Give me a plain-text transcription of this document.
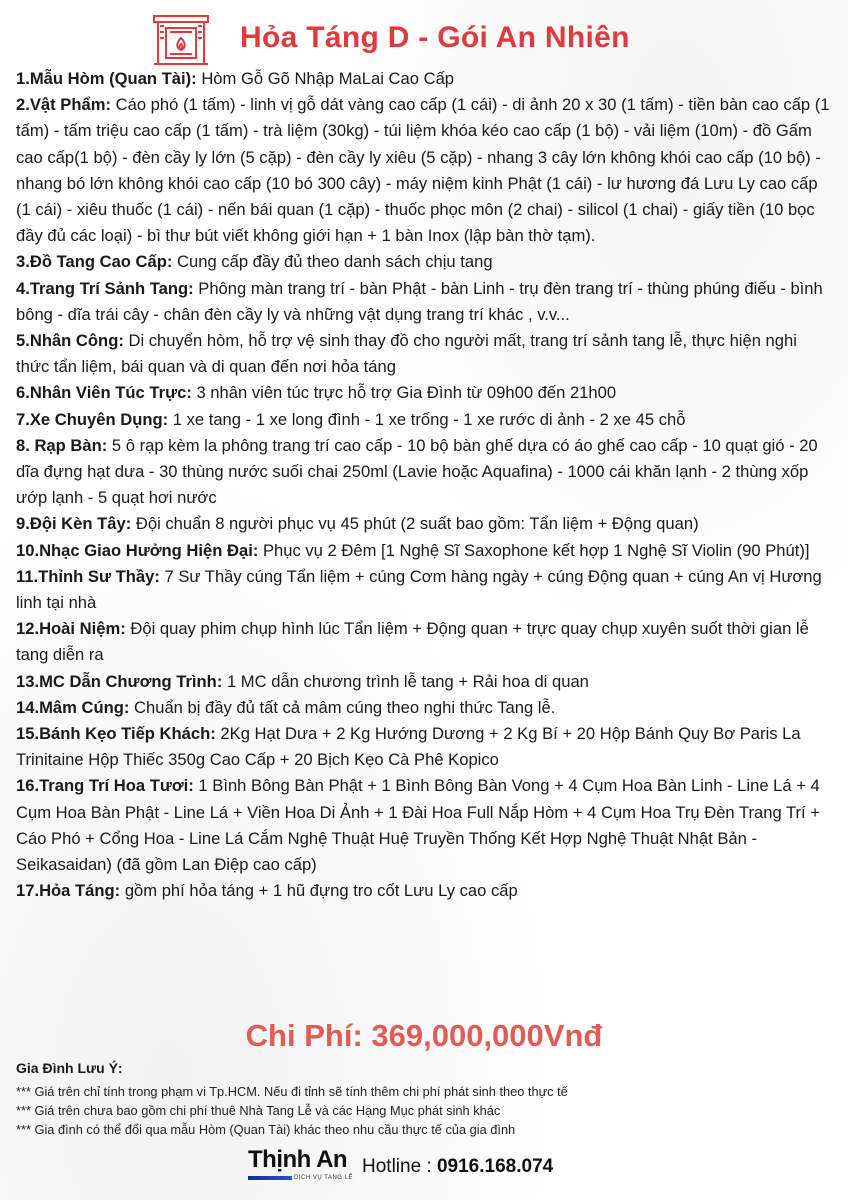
Hỏa Táng D - Gói An Nhiên

1.Mẫu Hòm (Quan Tài): Hòm Gỗ Gõ Nhập MaLai Cao Cấp

2.Vật Phẩm: Cáo phó (1 tấm) - linh vị gỗ dát vàng cao cấp (1 cái) - di ảnh 20 x 30 (1 tấm) - tiền bàn cao cấp (1 tấm) - tấm triệu cao cấp (1 tấm) - trà liệm (30kg) - túi liệm khóa kéo cao cấp (1 bộ) - vải liệm (10m) - đồ Gấm cao cấp(1 bộ) - đèn cầy ly lớn (5 cặp) - đèn cầy ly xiêu (5 cặp) - nhang 3 cây lớn không khói cao cấp (10 bộ) - nhang bó lớn không khói cao cấp (10 bó 300 cây) - máy niệm kinh Phật (1 cái) - lư hương đá Lưu Ly cao cấp (1 cái) - xiêu thuốc (1 cái) - nến bái quan (1 cặp) - thuốc phọc môn (2 chai) - silicol (1 chai) - giấy tiền (10 bọc đầy đủ các loại) - bì thư bút viết không giới hạn + 1 bàn Inox (lập bàn thờ tạm).

3.Đồ Tang Cao Cấp: Cung cấp đầy đủ theo danh sách chịu tang

4.Trang Trí Sảnh Tang: Phông màn trang trí - bàn Phật - bàn Linh - trụ đèn trang trí - thùng phúng điếu - bình bông - dĩa trái cây - chân đèn cầy ly và những vật dụng trang trí khác , v.v...

5.Nhân Công: Di chuyển hòm, hỗ trợ vệ sinh thay đồ cho người mất, trang trí sảnh tang lễ, thực hiện nghi thức tẩn liệm, bái quan và di quan đến nơi hỏa táng

6.Nhân Viên Túc Trực: 3 nhân viên túc trực hỗ trợ Gia Đình từ 09h00 đến 21h00

7.Xe Chuyên Dụng: 1 xe tang - 1 xe long đình - 1 xe trống - 1 xe rước di ảnh - 2 xe 45 chỗ

8. Rạp Bàn: 5 ô rạp kèm la phông trang trí cao cấp - 10 bộ bàn ghế dựa có áo ghế cao cấp - 10 quạt gió - 20 dĩa đựng hạt dưa - 30 thùng nước suối chai 250ml (Lavie hoặc Aquafina) - 1000 cái khăn lạnh - 2 thùng xốp ướp lạnh - 5 quạt hơi nước

9.Đội Kèn Tây: Đội chuẩn 8 người phục vụ 45 phút (2 suất bao gồm: Tẩn liệm + Động quan)

10.Nhạc Giao Hưởng Hiện Đại: Phục vụ 2 Đêm [1 Nghệ Sĩ Saxophone kết hợp 1 Nghệ Sĩ Violin (90 Phút)]

11.Thỉnh Sư Thầy: 7 Sư Thầy cúng Tẩn liệm + cúng Cơm hàng ngày + cúng Động quan + cúng An vị Hương linh tại nhà

12.Hoài Niệm: Đội quay phim chụp hình lúc Tẩn liệm + Động quan + trực quay chụp xuyên suốt thời gian lễ tang diễn ra

13.MC Dẫn Chương Trình: 1 MC dẫn chương trình lễ tang + Rải hoa di quan

14.Mâm Cúng: Chuẩn bị đầy đủ tất cả mâm cúng theo nghi thức Tang lễ.

15.Bánh Kẹo Tiếp Khách: 2Kg Hạt Dưa + 2 Kg Hướng Dương + 2 Kg Bí + 20 Hộp Bánh Quy Bơ Paris La Trinitaine Hộp Thiếc 350g Cao Cấp + 20 Bịch Kẹo Cà Phê Kopico

16.Trang Trí Hoa Tươi: 1 Bình Bông Bàn Phật + 1 Bình Bông Bàn Vong + 4 Cụm Hoa Bàn Linh - Line Lá + 4 Cụm Hoa Bàn Phật - Line Lá + Viền Hoa Di Ảnh + 1 Đài Hoa Full Nắp Hòm + 4 Cụm Hoa Trụ Đèn Trang Trí + Cáo Phó + Cổng Hoa - Line Lá Cắm Nghệ Thuật Huệ Truyền Thống Kết Hợp Nghệ Thuật Nhật Bản - Seikasaidan) (đã gồm Lan Điệp cao cấp)

17.Hỏa Táng: gồm phí hỏa táng + 1 hũ đựng tro cốt Lưu Ly cao cấp

Chi Phí: 369,000,000Vnđ
Gia Đình Lưu Ý:
*** Giá trên chỉ tính trong phạm vi Tp.HCM. Nếu đi tỉnh sẽ tính thêm chi phí phát sinh theo thực tế
*** Giá trên chưa bao gồm chi phí thuê Nhà Tang Lễ và các Hạng Mục phát sinh khác
*** Gia đình có thể đổi qua mẫu Hòm (Quan Tài) khác theo nhu cầu thực tế của gia đình
Thịnh An
DỊCH VỤ TANG LỄ
Hotline : 0916.168.074
